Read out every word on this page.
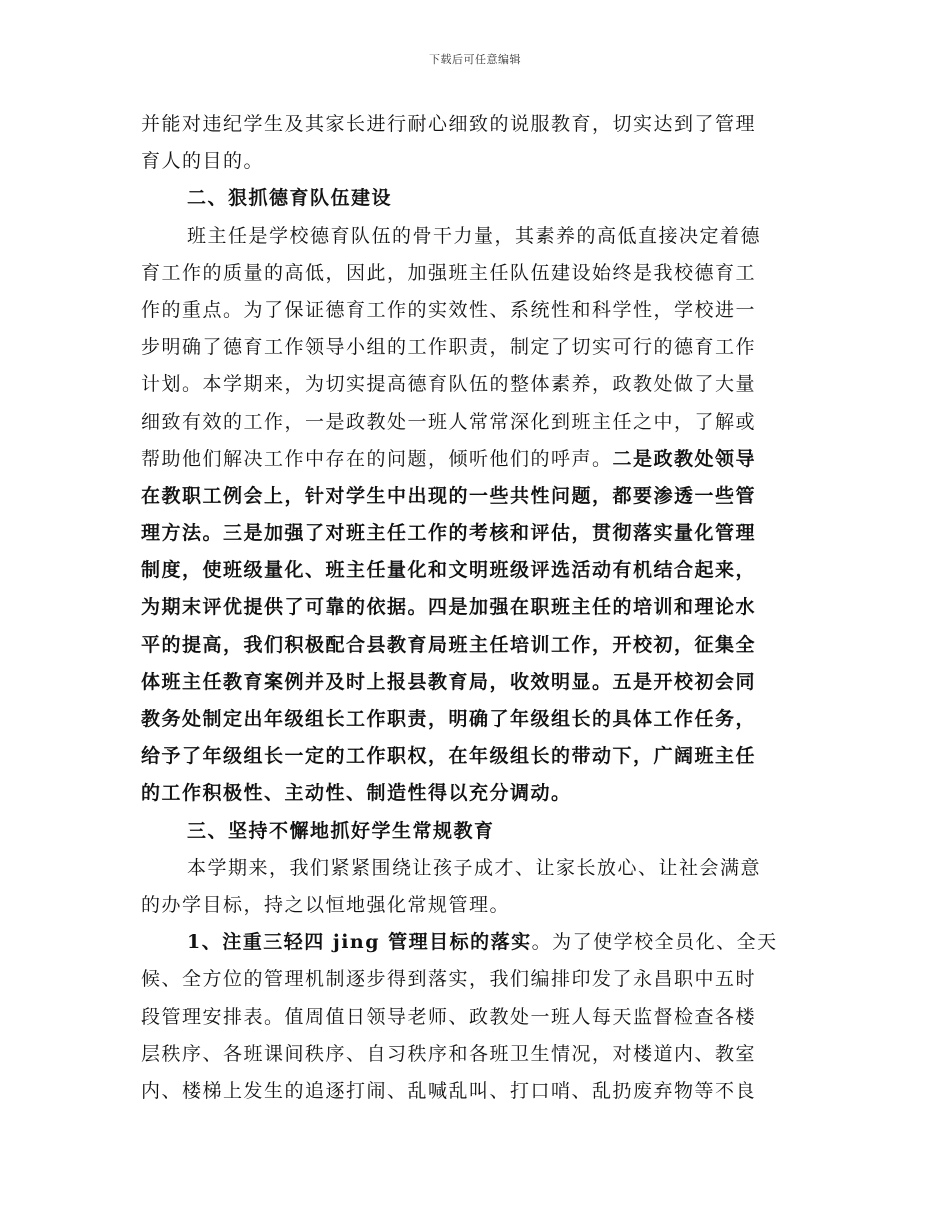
下载后可任意编辑
并能对违纪学生及其家长进行耐心细致的说服教育，切实达到了管理
育人的目的。
二、狠抓德育队伍建设
班主任是学校德育队伍的骨干力量，其素养的高低直接决定着德
育工作的质量的高低，因此，加强班主任队伍建设始终是我校德育工
作的重点。为了保证德育工作的实效性、系统性和科学性，学校进一
步明确了德育工作领导小组的工作职责，制定了切实可行的德育工作
计划。本学期来，为切实提高德育队伍的整体素养，政教处做了大量
细致有效的工作，一是政教处一班人常常深化到班主任之中，了解或
帮助他们解决工作中存在的问题，倾听他们的呼声。二是政教处领导
在教职工例会上，针对学生中出现的一些共性问题，都要渗透一些管
理方法。三是加强了对班主任工作的考核和评估，贯彻落实量化管理
制度，使班级量化、班主任量化和文明班级评选活动有机结合起来，
为期末评优提供了可靠的依据。四是加强在职班主任的培训和理论水
平的提高，我们积极配合县教育局班主任培训工作，开校初，征集全
体班主任教育案例并及时上报县教育局，收效明显。五是开校初会同
教务处制定出年级组长工作职责，明确了年级组长的具体工作任务，
给予了年级组长一定的工作职权，在年级组长的带动下，广阔班主任
的工作积极性、主动性、制造性得以充分调动。
三、坚持不懈地抓好学生常规教育
本学期来，我们紧紧围绕让孩子成才、让家长放心、让社会满意
的办学目标，持之以恒地强化常规管理。
1、注重三轻四 jing 管理目标的落实。为了使学校全员化、全天
候、全方位的管理机制逐步得到落实，我们编排印发了永昌职中五时
段管理安排表。值周值日领导老师、政教处一班人每天监督检查各楼
层秩序、各班课间秩序、自习秩序和各班卫生情况，对楼道内、教室
内、楼梯上发生的追逐打闹、乱喊乱叫、打口哨、乱扔废弃物等不良
